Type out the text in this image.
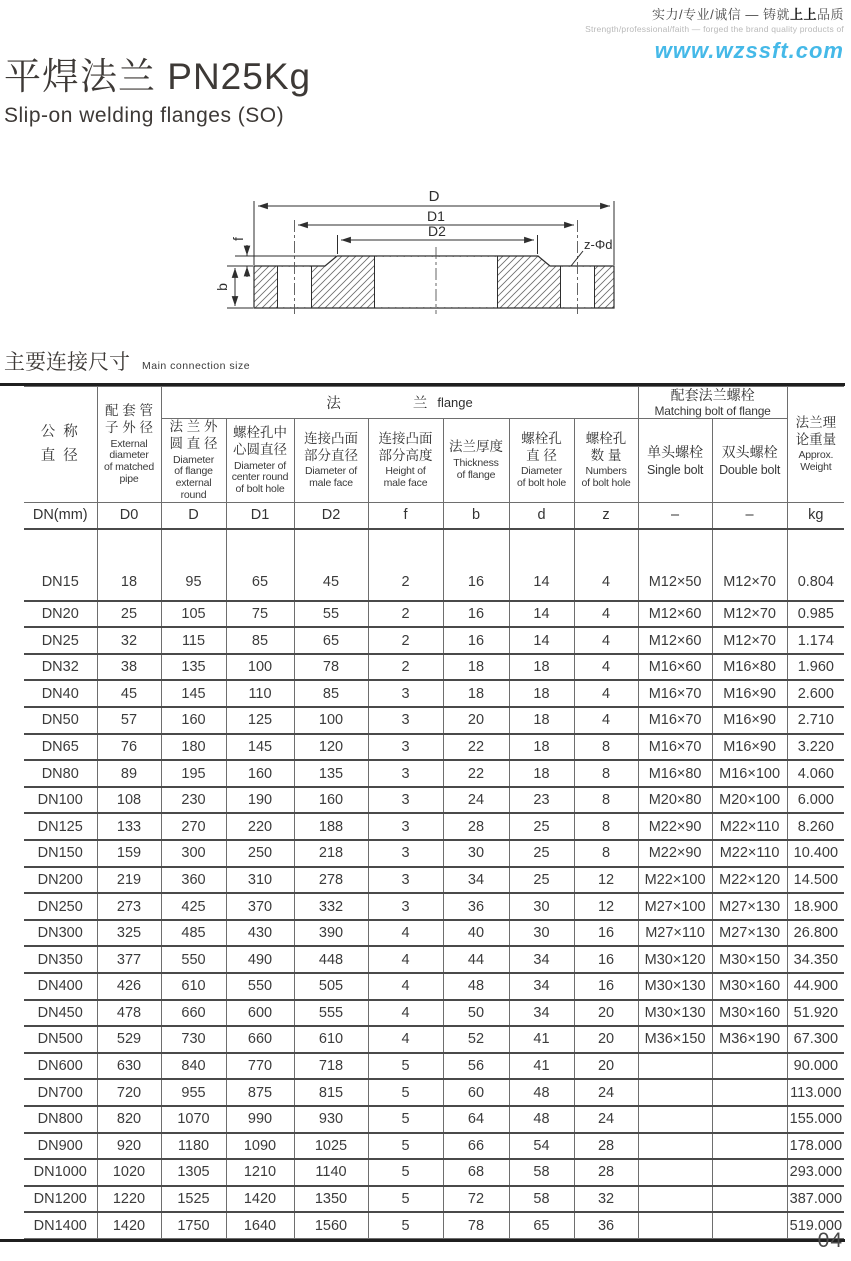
实力/专业/诚信 — 铸就上上品质
Strength/professional/faith — forged the brand quality products of
www.wzssft.com
平焊法兰 PN25Kg
Slip-on welding flanges (SO)
D
D1
D2
f
b
z-Φd
主要连接尺寸 Main connection size
公 称
直 径

配 套 管
子 外 径
External
diameter
of matched
pipe

法	兰 flange	配套法兰螺栓
Matching bolt of flange

法兰理
论重量
Approx.
Weight

法 兰 外
圆 直 径
Diameter
of flange
external
round

螺栓孔中
心圆直径
Diameter of
center round
of bolt hole

连接凸面
部分直径
Diameter of
male face

连接凸面
部分高度
Height of
male face

法兰厚度
Thickness
of flange

螺栓孔
直 径
Diameter
of bolt hole

螺栓孔
数 量
Numbers
of bolt hole

单头螺栓
Single bolt

双头螺栓
Double bolt

DN(mm)	D0	D	D1	D2	f	b	d	z	–	–	kg
DN15	18	95	65	45	2	16	14	4	M12×50	M12×70	0.804
DN20	25	105	75	55	2	16	14	4	M12×60	M12×70	0.985
DN25	32	115	85	65	2	16	14	4	M12×60	M12×70	1.174
DN32	38	135	100	78	2	18	18	4	M16×60	M16×80	1.960
DN40	45	145	110	85	3	18	18	4	M16×70	M16×90	2.600
DN50	57	160	125	100	3	20	18	4	M16×70	M16×90	2.710
DN65	76	180	145	120	3	22	18	8	M16×70	M16×90	3.220
DN80	89	195	160	135	3	22	18	8	M16×80	M16×100	4.060
DN100	108	230	190	160	3	24	23	8	M20×80	M20×100	6.000
DN125	133	270	220	188	3	28	25	8	M22×90	M22×110	8.260
DN150	159	300	250	218	3	30	25	8	M22×90	M22×110	10.400
DN200	219	360	310	278	3	34	25	12	M22×100	M22×120	14.500
DN250	273	425	370	332	3	36	30	12	M27×100	M27×130	18.900
DN300	325	485	430	390	4	40	30	16	M27×110	M27×130	26.800
DN350	377	550	490	448	4	44	34	16	M30×120	M30×150	34.350
DN400	426	610	550	505	4	48	34	16	M30×130	M30×160	44.900
DN450	478	660	600	555	4	50	34	20	M30×130	M30×160	51.920
DN500	529	730	660	610	4	52	41	20	M36×150	M36×190	67.300
DN600	630	840	770	718	5	56	41	20			90.000
DN700	720	955	875	815	5	60	48	24			113.000
DN800	820	1070	990	930	5	64	48	24			155.000
DN900	920	1180	1090	1025	5	66	54	28			178.000
DN1000	1020	1305	1210	1140	5	68	58	28			293.000
DN1200	1220	1525	1420	1350	5	72	58	32			387.000
DN1400	1420	1750	1640	1560	5	78	65	36			519.000
04
